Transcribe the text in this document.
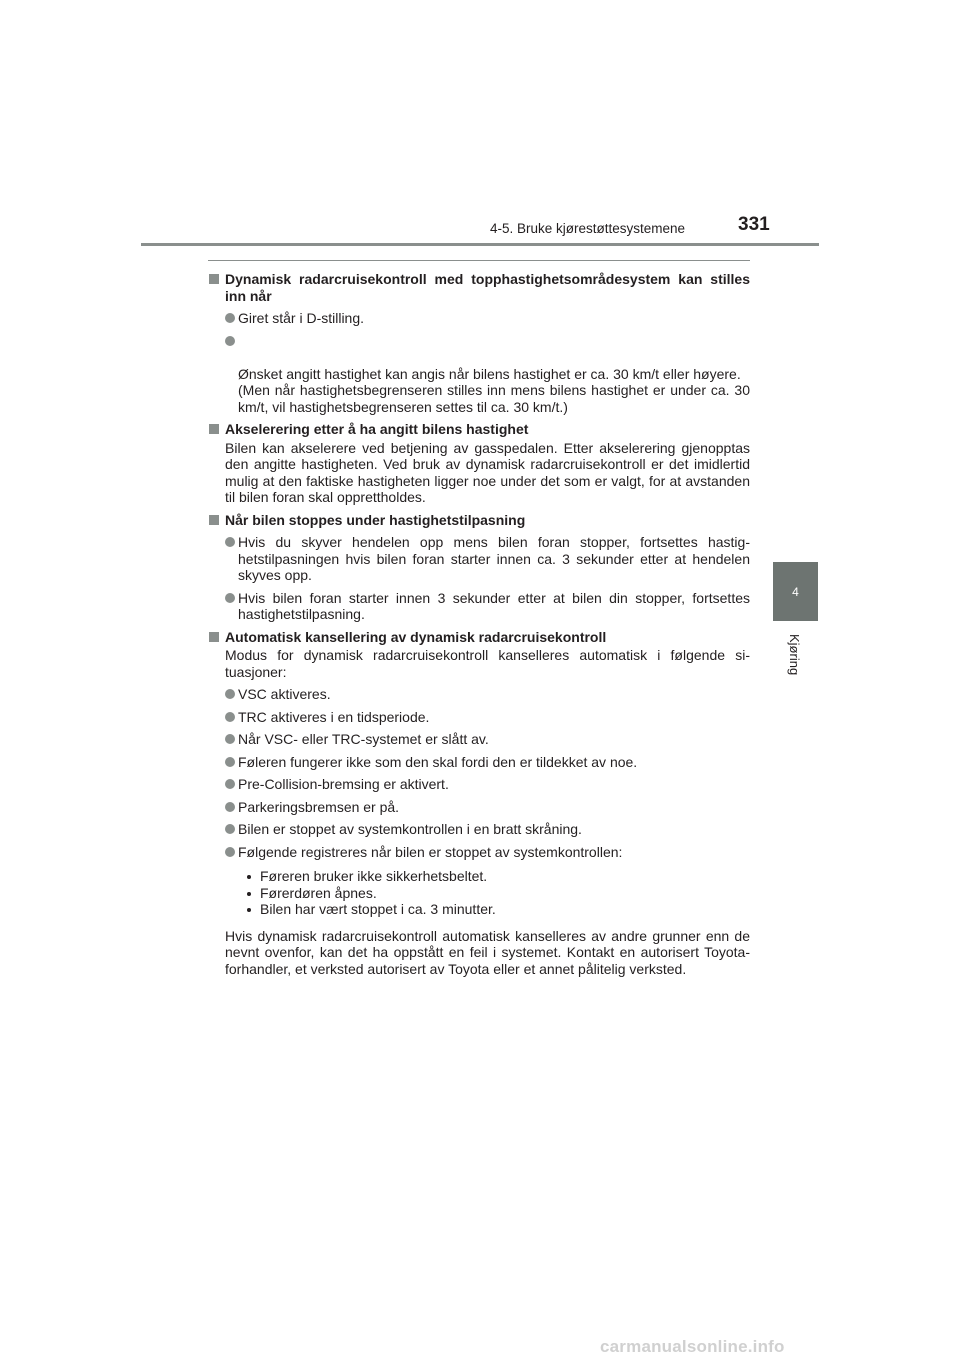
4-5. Bruke kjørestøttesystemene	331
4
Kjøring
Dynamisk radarcruisekontroll med topphastighetsområdesystem kan stilles inn når
Giret står i D-stilling.

Ønsket angitt hastighet kan angis når bilens hastighet er ca. 30 km/t eller høyere.
(Men når hastighetsbegrenseren stilles inn mens bilens hastighet er under ca. 30 km/t, vil hastighetsbegrenseren settes til ca. 30 km/t.)

Akselerering etter å ha angitt bilens hastighet
Bilen kan akselerere ved betjening av gasspedalen. Etter akselerering gjenopptas den angitte hastigheten. Ved bruk av dynamisk radarcruisekontroll er det imidlertid mulig at den faktiske hastigheten ligger noe under det som er valgt, for at avstanden til bilen foran skal opprettholdes.
Når bilen stoppes under hastighetstilpasning
Hvis du skyver hendelen opp mens bilen foran stopper, fortsettes hastighetstilpasningen hvis bilen foran starter innen ca. 3 sekunder etter at hendelen skyves opp.
Hvis bilen foran starter innen 3 sekunder etter at bilen din stopper, fortsettes hastighetstilpasning.
Automatisk kansellering av dynamisk radarcruisekontroll
Modus for dynamisk radarcruisekontroll kanselleres automatisk i følgende situasjoner:
VSC aktiveres.
TRC aktiveres i en tidsperiode.
Når VSC- eller TRC-systemet er slått av.
Føleren fungerer ikke som den skal fordi den er tildekket av noe.
Pre-Collision-bremsing er aktivert.
Parkeringsbremsen er på.
Bilen er stoppet av systemkontrollen i en bratt skråning.
Følgende registreres når bilen er stoppet av systemkontrollen:
Føreren bruker ikke sikkerhetsbeltet.
Førerdøren åpnes.
Bilen har vært stoppet i ca. 3 minutter.
Hvis dynamisk radarcruisekontroll automatisk kanselleres av andre grunner enn de nevnt ovenfor, kan det ha oppstått en feil i systemet. Kontakt en autorisert Toyota-forhandler, et verksted autorisert av Toyota eller et annet pålitelig verksted.
carmanualsonline.info
